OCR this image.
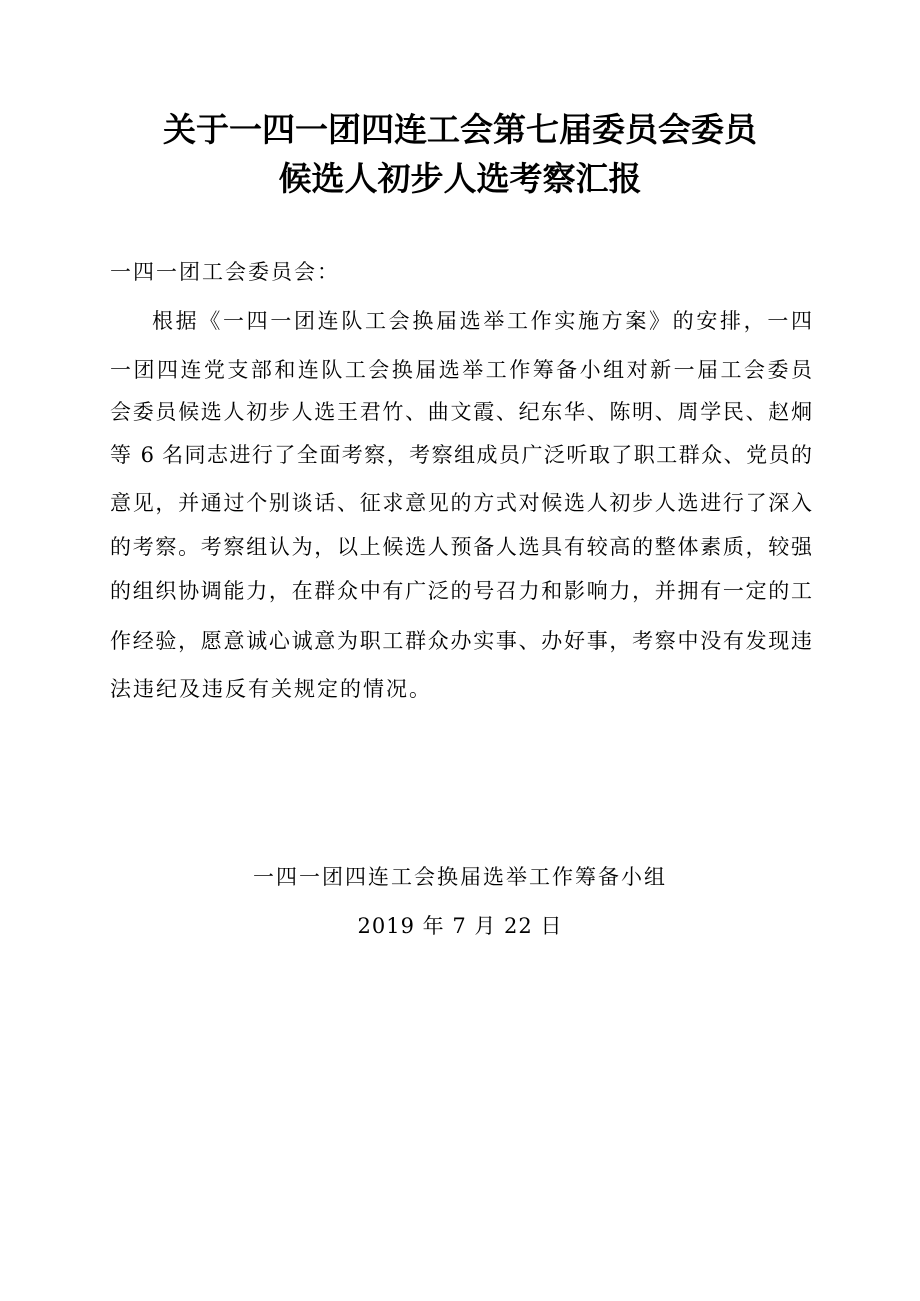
关于一四一团四连工会第七届委员会委员
候选人初步人选考察汇报
一四一团工会委员会：
根据《一四一团连队工会换届选举工作实施方案》的安排，一四
一团四连党支部和连队工会换届选举工作筹备小组对新一届工会委员
会委员候选人初步人选王君竹、曲文霞、纪东华、陈明、周学民、赵炯
等 6 名同志进行了全面考察，考察组成员广泛听取了职工群众、党员的
意见，并通过个别谈话、征求意见的方式对候选人初步人选进行了深入
的考察。考察组认为，以上候选人预备人选具有较高的整体素质，较强
的组织协调能力，在群众中有广泛的号召力和影响力，并拥有一定的工
作经验，愿意诚心诚意为职工群众办实事、办好事，考察中没有发现违
法违纪及违反有关规定的情况。
一四一团四连工会换届选举工作筹备小组
2019 年 7 月 22 日
